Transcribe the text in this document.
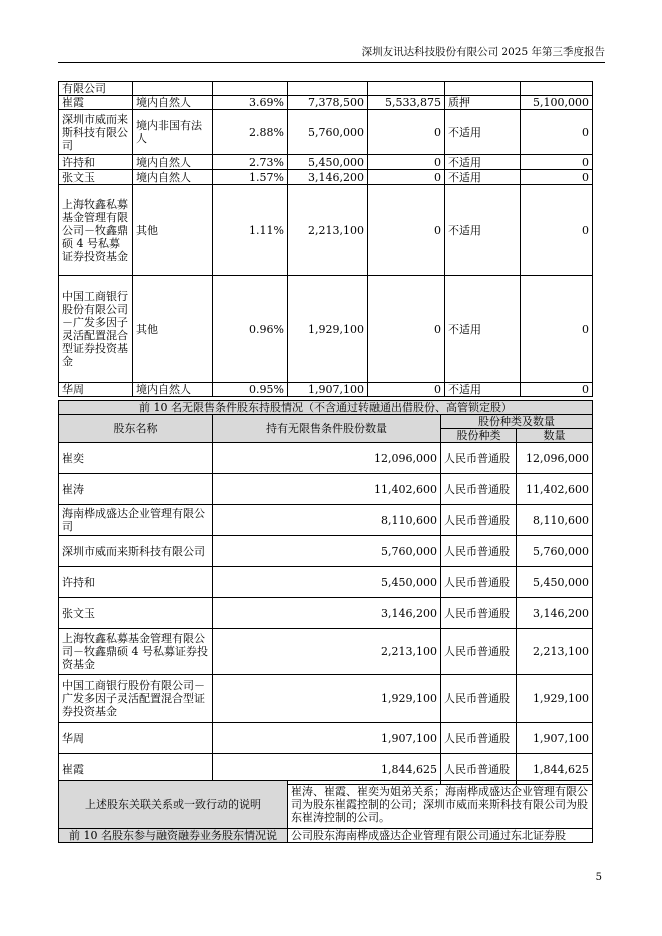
深圳友讯达科技股份有限公司 2025 年第三季度报告
有限公司						
崔霞	境内自然人	3.69%	7,378,500	5,533,875	质押	5,100,000
深圳市威而来斯科技有限公司	境内非国有法人	2.88%	5,760,000	0	不适用	0
许持和	境内自然人	2.73%	5,450,000	0	不适用	0
张文玉	境内自然人	1.57%	3,146,200	0	不适用	0
上海牧鑫私募基金管理有限公司－牧鑫鼎硕 4 号私募证券投资基金	其他	1.11%	2,213,100	0	不适用	0
中国工商银行股份有限公司－广发多因子灵活配置混合型证券投资基金	其他	0.96%	1,929,100	0	不适用	0
华周	境内自然人	0.95%	1,907,100	0	不适用	0
前 10 名无限售条件股东持股情况（不含通过转融通出借股份、高管锁定股）			
股东名称	持有无限售条件股份数量	股份种类及数量	
		股份种类	数量
崔奕	12,096,000	人民币普通股	12,096,000
崔涛	11,402,600	人民币普通股	11,402,600
海南桦成盛达企业管理有限公司	8,110,600	人民币普通股	8,110,600
深圳市威而来斯科技有限公司	5,760,000	人民币普通股	5,760,000
许持和	5,450,000	人民币普通股	5,450,000
张文玉	3,146,200	人民币普通股	3,146,200
上海牧鑫私募基金管理有限公司－牧鑫鼎硕 4 号私募证券投资基金	2,213,100	人民币普通股	2,213,100
中国工商银行股份有限公司－广发多因子灵活配置混合型证券投资基金	1,929,100	人民币普通股	1,929,100
华周	1,907,100	人民币普通股	1,907,100
崔霞	1,844,625	人民币普通股	1,844,625
上述股东关联关系或一致行动的说明	崔涛、崔霞、崔奕为姐弟关系；海南桦成盛达企业管理有限公司为股东崔霞控制的公司；深圳市威而来斯科技有限公司为股东崔涛控制的公司。
前 10 名股东参与融资融券业务股东情况说	公司股东海南桦成盛达企业管理有限公司通过东北证券股
5
